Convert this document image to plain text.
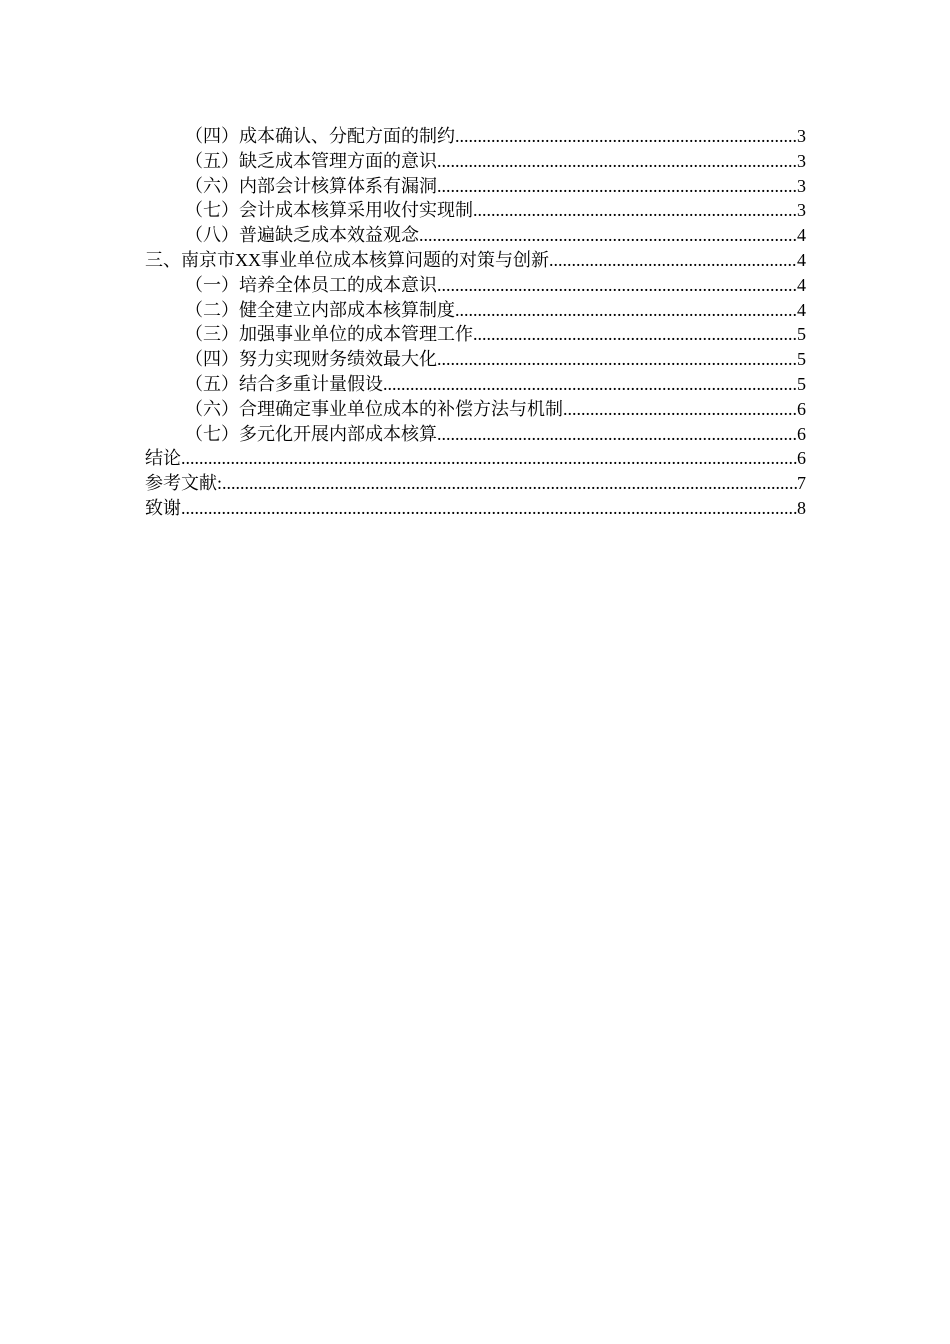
（四）成本确认、分配方面的制约 .....	3
（五）缺乏成本管理方面的意识 .....	3
（六）内部会计核算体系有漏洞 .....	3
（七）会计成本核算采用收付实现制 .....	3
（八）普遍缺乏成本效益观念 .....	4
三、南京市XX事业单位成本核算问题的对策与创新 .....	4
（一）培养全体员工的成本意识 .....	4
（二）健全建立内部成本核算制度 .....	4
（三）加强事业单位的成本管理工作 .....	5
（四）努力实现财务绩效最大化 .....	5
（五）结合多重计量假设 .....	5
（六）合理确定事业单位成本的补偿方法与机制 .....	6
（七）多元化开展内部成本核算 .....	6
结论 .....	6
参考文献: .....	7
致谢 .....	8
